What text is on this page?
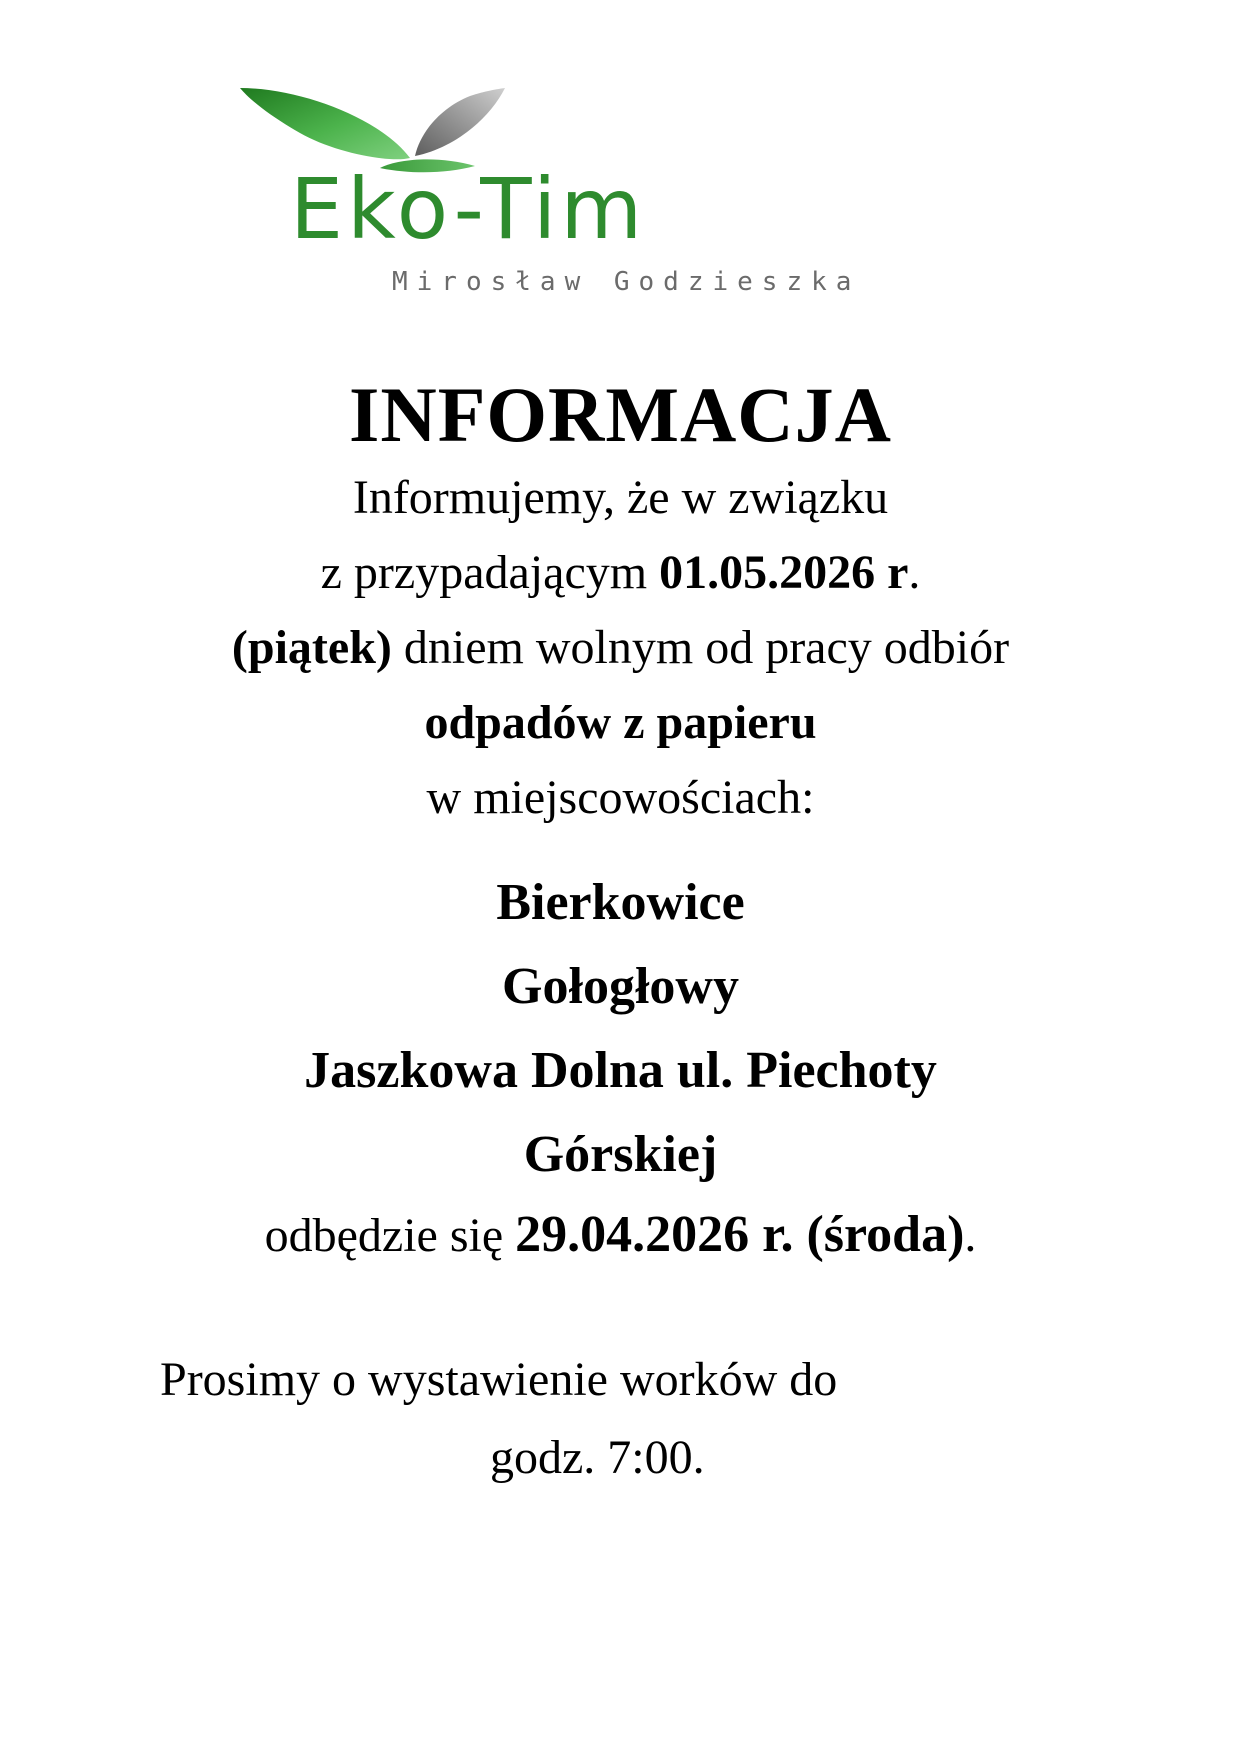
Eko-Tim
Mirosław Godzieszka
INFORMACJA

Informujemy, że w związku

z przypadającym 01.05.2026 r.

(piątek) dniem wolnym od pracy odbiór

odpadów z papieru

w miejscowościach:

Bierkowice
Gołogłowy
Jaszkowa Dolna ul. Piechoty
Górskiej

odbędzie się 29.04.2026 r. (środa).

Prosimy o wystawienie worków do
godz. 7:00.
